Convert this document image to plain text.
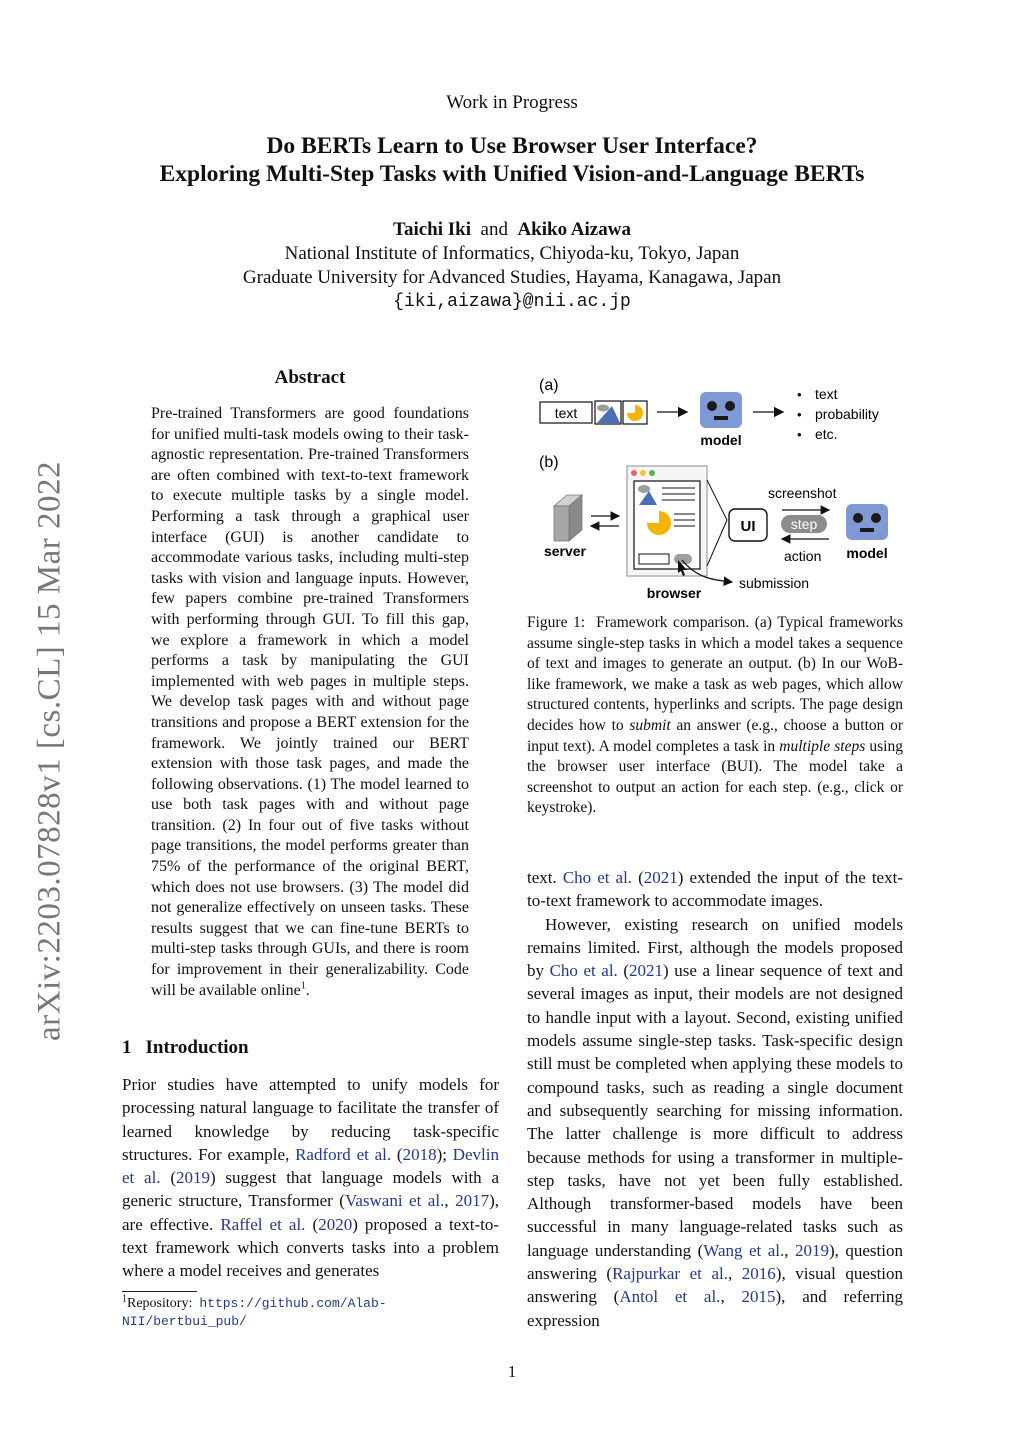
Work in Progress
Do BERTs Learn to Use Browser User Interface?
Exploring Multi-Step Tasks with Unified Vision-and-Language BERTs
Taichi Iki and Akiko Aizawa
National Institute of Informatics, Chiyoda-ku, Tokyo, Japan
Graduate University for Advanced Studies, Hayama, Kanagawa, Japan
{iki,aizawa}@nii.ac.jp
arXiv:2203.07828v1 [cs.CL] 15 Mar 2022
Abstract
Pre-trained Transformers are good foundations for unified multi-task models owing to their task-agnostic representation. Pre-trained Transformers are often combined with text-to-text framework to execute multiple tasks by a single model. Performing a task through a graphical user interface (GUI) is another candidate to accommodate various tasks, including multi-step tasks with vision and language inputs. However, few papers combine pre-trained Transformers with performing through GUI. To fill this gap, we explore a framework in which a model performs a task by manipulating the GUI implemented with web pages in multiple steps. We develop task pages with and without page transitions and propose a BERT extension for the framework. We jointly trained our BERT extension with those task pages, and made the following observations. (1) The model learned to use both task pages with and without page transition. (2) In four out of five tasks without page transitions, the model performs greater than 75% of the performance of the original BERT, which does not use browsers. (3) The model did not generalize effectively on unseen tasks. These results suggest that we can fine-tune BERTs to multi-step tasks through GUIs, and there is room for improvement in their generalizability. Code will be available online$^1$.
1 Introduction
Prior studies have attempted to unify models for processing natural language to facilitate the transfer of learned knowledge by reducing task-specific structures. For example, Radford et al. (2018); Devlin et al. (2019) suggest that language models with a generic structure, Transformer (Vaswani et al., 2017), are effective. Raffel et al. (2020) proposed a text-to-text framework which converts tasks into a problem where a model receives and generates
$^1$Repository: https://github.com/Alab-NII/bertbui_pub/
(a)
text
model
• text
• probability
• etc.
(b)
server
browser
UI
screenshot
step
action model
submission
Figure 1: Framework comparison. (a) Typical frameworks assume single-step tasks in which a model takes a sequence of text and images to generate an output. (b) In our WoB-like framework, we make a task as web pages, which allow structured contents, hyperlinks and scripts. The page design decides how to submit an answer (e.g., choose a button or input text). A model completes a task in multiple steps using the browser user interface (BUI). The model take a screenshot to output an action for each step. (e.g., click or keystroke).

text. Cho et al. (2021) extended the input of the text-to-text framework to accommodate images.

However, existing research on unified models remains limited. First, although the models proposed by Cho et al. (2021) use a linear sequence of text and several images as input, their models are not designed to handle input with a layout. Second, existing unified models assume single-step tasks. Task-specific design still must be completed when applying these models to compound tasks, such as reading a single document and subsequently searching for missing information. The latter challenge is more difficult to address because methods for using a transformer in multiple-step tasks, have not yet been fully established. Although transformer-based models have been successful in many language-related tasks such as language understanding (Wang et al., 2019), question answering (Rajpurkar et al., 2016), visual question answering (Antol et al., 2015), and referring expression

1
